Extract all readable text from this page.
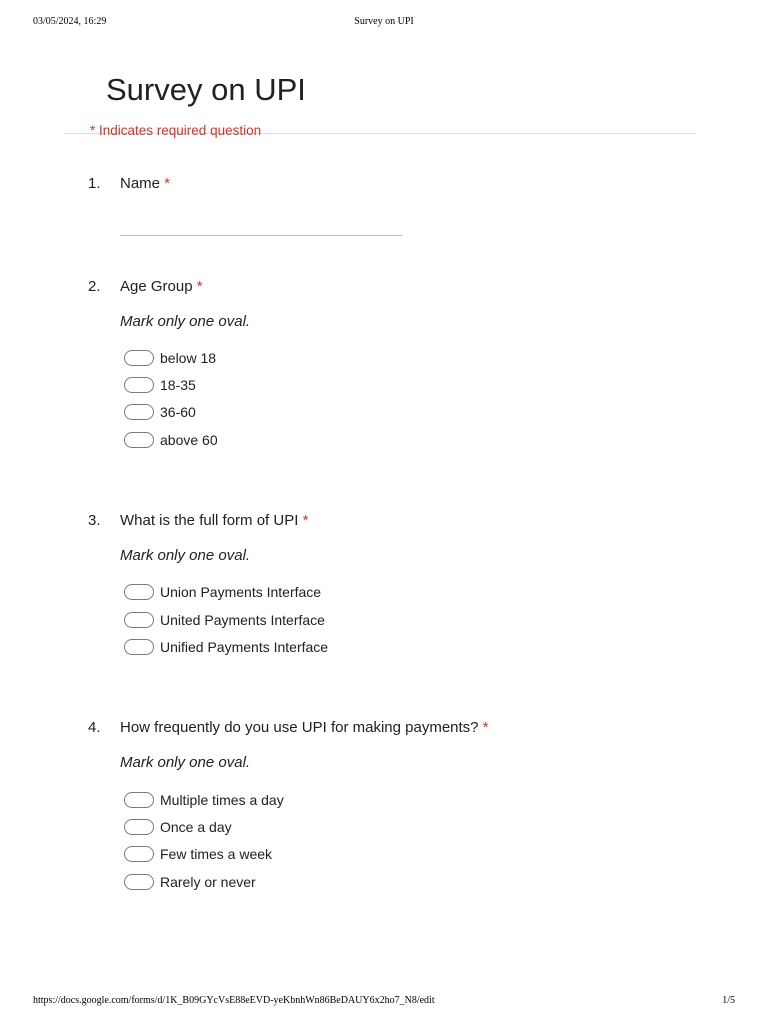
03/05/2024, 16:29	Survey on UPI
Survey on UPI
* Indicates required question
1. Name *
2. Age Group *
Mark only one oval.
below 18
18-35
36-60
above 60
3. What is the full form of UPI *
Mark only one oval.
Union Payments Interface
United Payments Interface
Unified Payments Interface
4. How frequently do you use UPI for making payments? *
Mark only one oval.
Multiple times a day
Once a day
Few times a week
Rarely or never
https://docs.google.com/forms/d/1K_B09GYcVsE88eEVD-yeKbnhWn86BeDAUY6x2ho7_N8/edit	1/5
